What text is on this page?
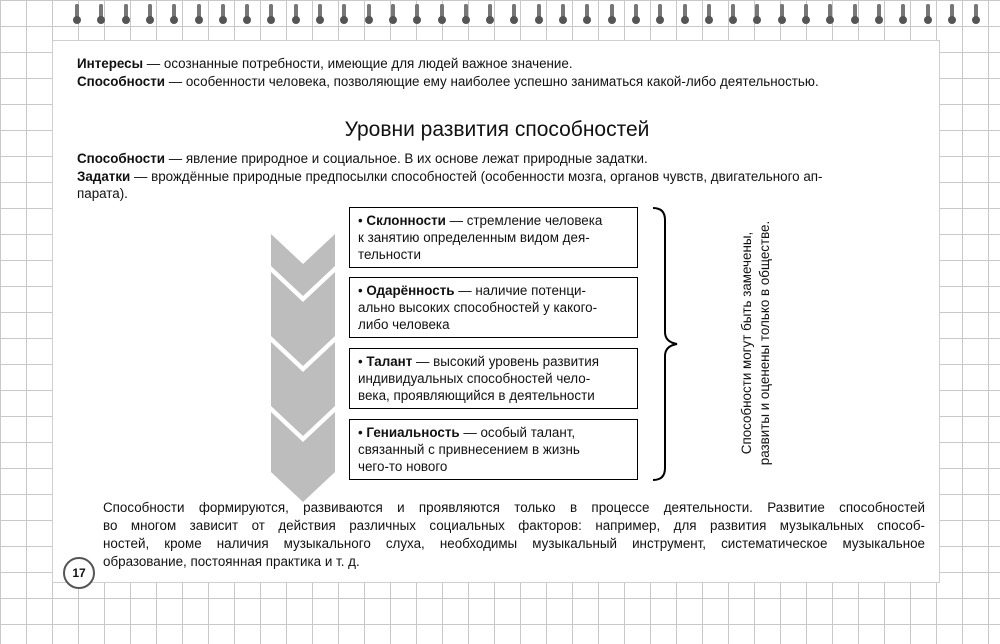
Интересы — осознанные потребности, имеющие для людей важное значение.
Способности — особенности человека, позволяющие ему наиболее успешно заниматься какой-либо деятельностью.
Уровни развития способностей
Способности — явление природное и социальное. В их основе лежат природные задатки.
Задатки — врождённые природные предпосылки способностей (особенности мозга, органов чувств, двигательного ап-
парата).
• Склонности — стремление человека
к занятию определенным видом дея-
тельности
• Одарённость — наличие потенци-
ально высоких способностей у какого-
либо человека
• Талант — высокий уровень развития
индивидуальных способностей чело-
века, проявляющийся в деятельности
• Гениальность — особый талант,
связанный с привнесением в жизнь
чего-то нового
Способности могут быть замечены, развиты и оценены только в обществе.
Способности формируются, развиваются и проявляются только в процессе деятельности. Развитие способностей
во многом зависит от действия различных социальных факторов: например, для развития музыкальных способ-
ностей, кроме наличия музыкального слуха, необходимы музыкальный инструмент, систематическое музыкальное
образование, постоянная практика и т. д.
17
